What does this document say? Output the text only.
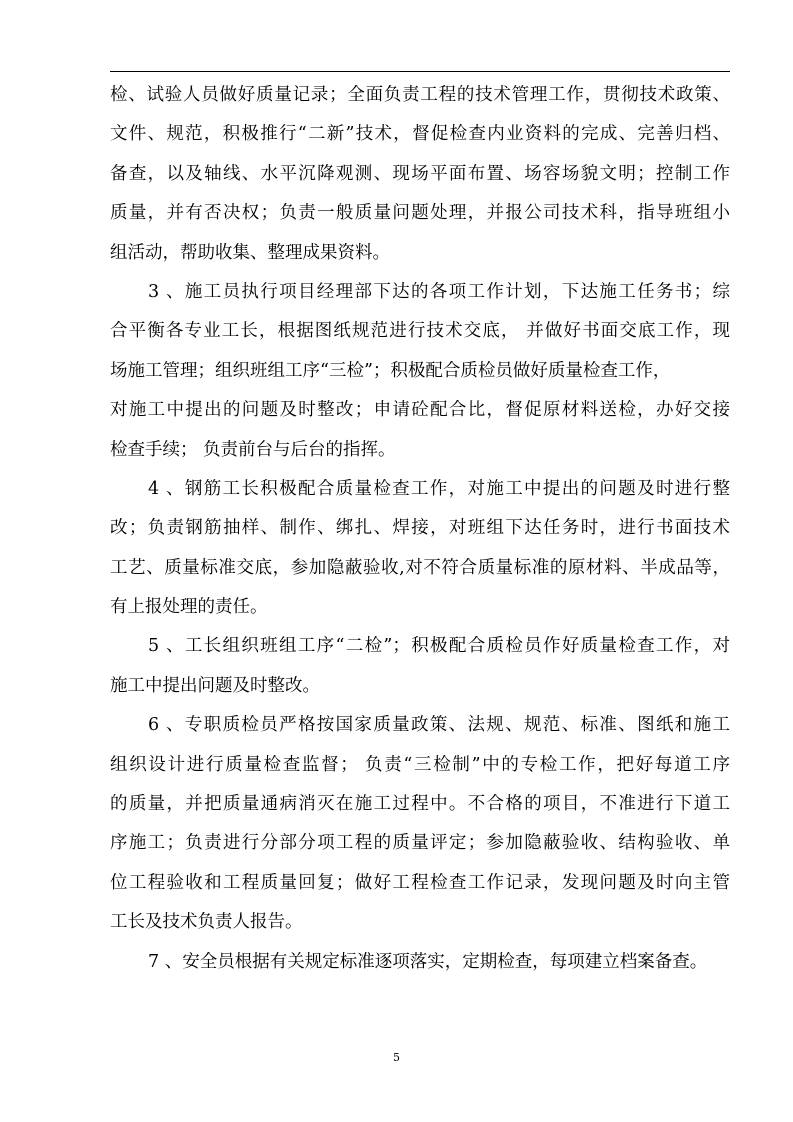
检、试验人员做好质量记录；全面负责工程的技术管理工作，贯彻技术政策、
文件、规范，积极推行“二新”技术，督促检查内业资料的完成、完善归档、
备查，以及轴线、水平沉降观测、现场平面布置、场容场貌文明；控制工作
质量，并有否决权；负责一般质量问题处理，并报公司技术科，指导班组小
组活动，帮助收集、整理成果资料。
3 、施工员执行项目经理部下达的各项工作计划，下达施工任务书；综
合平衡各专业工长，根据图纸规范进行技术交底， 并做好书面交底工作，现
场施工管理；组织班组工序“三检”；积极配合质检员做好质量检查工作，
对施工中提出的问题及时整改；申请砼配合比，督促原材料送检，办好交接
检查手续； 负责前台与后台的指挥。
4 、钢筋工长积极配合质量检查工作，对施工中提出的问题及时进行整
改；负责钢筋抽样、制作、绑扎、焊接，对班组下达任务时，进行书面技术
工艺、质量标准交底，参加隐蔽验收,对不符合质量标准的原材料、半成品等，
有上报处理的责任。
5 、工长组织班组工序“二检”；积极配合质检员作好质量检查工作，对
施工中提出问题及时整改。
6 、专职质检员严格按国家质量政策、法规、规范、标准、图纸和施工
组织设计进行质量检查监督； 负责“三检制”中的专检工作，把好每道工序
的质量，并把质量通病消灭在施工过程中。不合格的项目，不准进行下道工
序施工；负责进行分部分项工程的质量评定；参加隐蔽验收、结构验收、单
位工程验收和工程质量回复；做好工程检查工作记录，发现问题及时向主管
工长及技术负责人报告。
7 、安全员根据有关规定标准逐项落实，定期检查，每项建立档案备查。
5
